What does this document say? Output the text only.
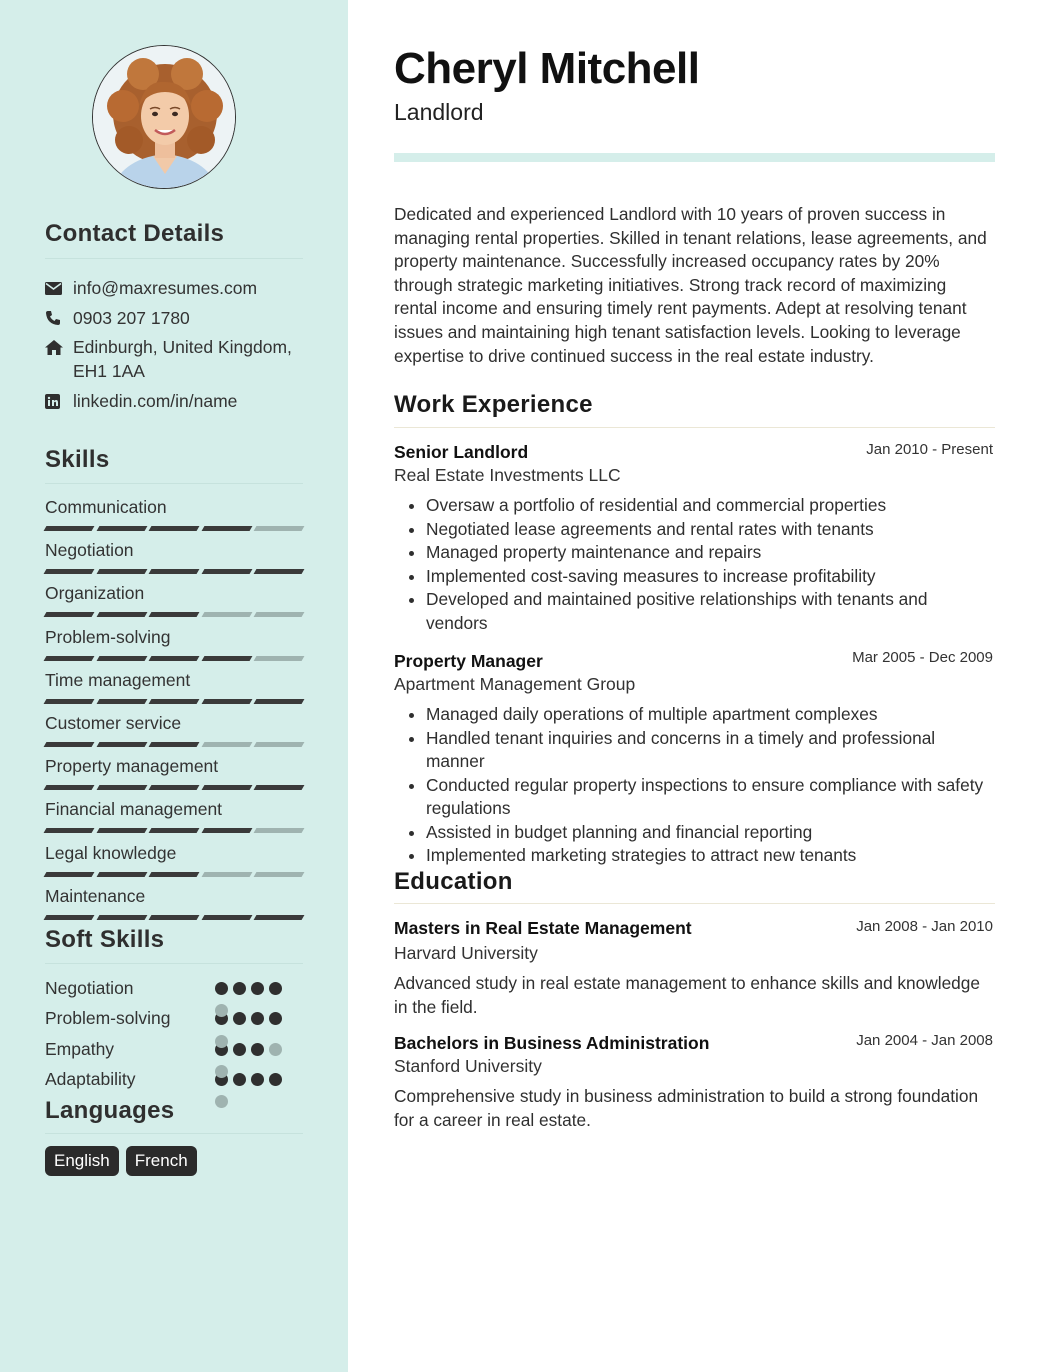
Contact Details
info@maxresumes.com
0903 207 1780
Edinburgh, United Kingdom,
EH1 1AA
linkedin.com/in/name
Skills
Communication
Negotiation
Organization
Problem-solving
Time management
Customer service
Property management
Financial management
Legal knowledge
Maintenance
Soft Skills
Negotiation
Problem-solving
Empathy
Adaptability
Languages
English	French
Cheryl Mitchell
Landlord

Dedicated and experienced Landlord with 10 years of proven success in managing rental properties. Skilled in tenant relations, lease agreements, and property maintenance. Successfully increased occupancy rates by 20% through strategic marketing initiatives. Strong track record of maximizing rental income and ensuring timely rent payments. Adept at resolving tenant issues and maintaining high tenant satisfaction levels. Looking to leverage expertise to drive continued success in the real estate industry.

Work Experience
Senior Landlord	Jan 2010 - Present
Real Estate Investments LLC
• Oversaw a portfolio of residential and commercial properties
• Negotiated lease agreements and rental rates with tenants
• Managed property maintenance and repairs
• Implemented cost-saving measures to increase profitability
• Developed and maintained positive relationships with tenants and vendors
Property Manager	Mar 2005 - Dec 2009
Apartment Management Group
• Managed daily operations of multiple apartment complexes
• Handled tenant inquiries and concerns in a timely and professional manner
• Conducted regular property inspections to ensure compliance with safety regulations
• Assisted in budget planning and financial reporting
• Implemented marketing strategies to attract new tenants
Education
Masters in Real Estate Management	Jan 2008 - Jan 2010
Harvard University

Advanced study in real estate management to enhance skills and knowledge in the field.

Bachelors in Business Administration	Jan 2004 - Jan 2008
Stanford University

Comprehensive study in business administration to build a strong foundation for a career in real estate.
